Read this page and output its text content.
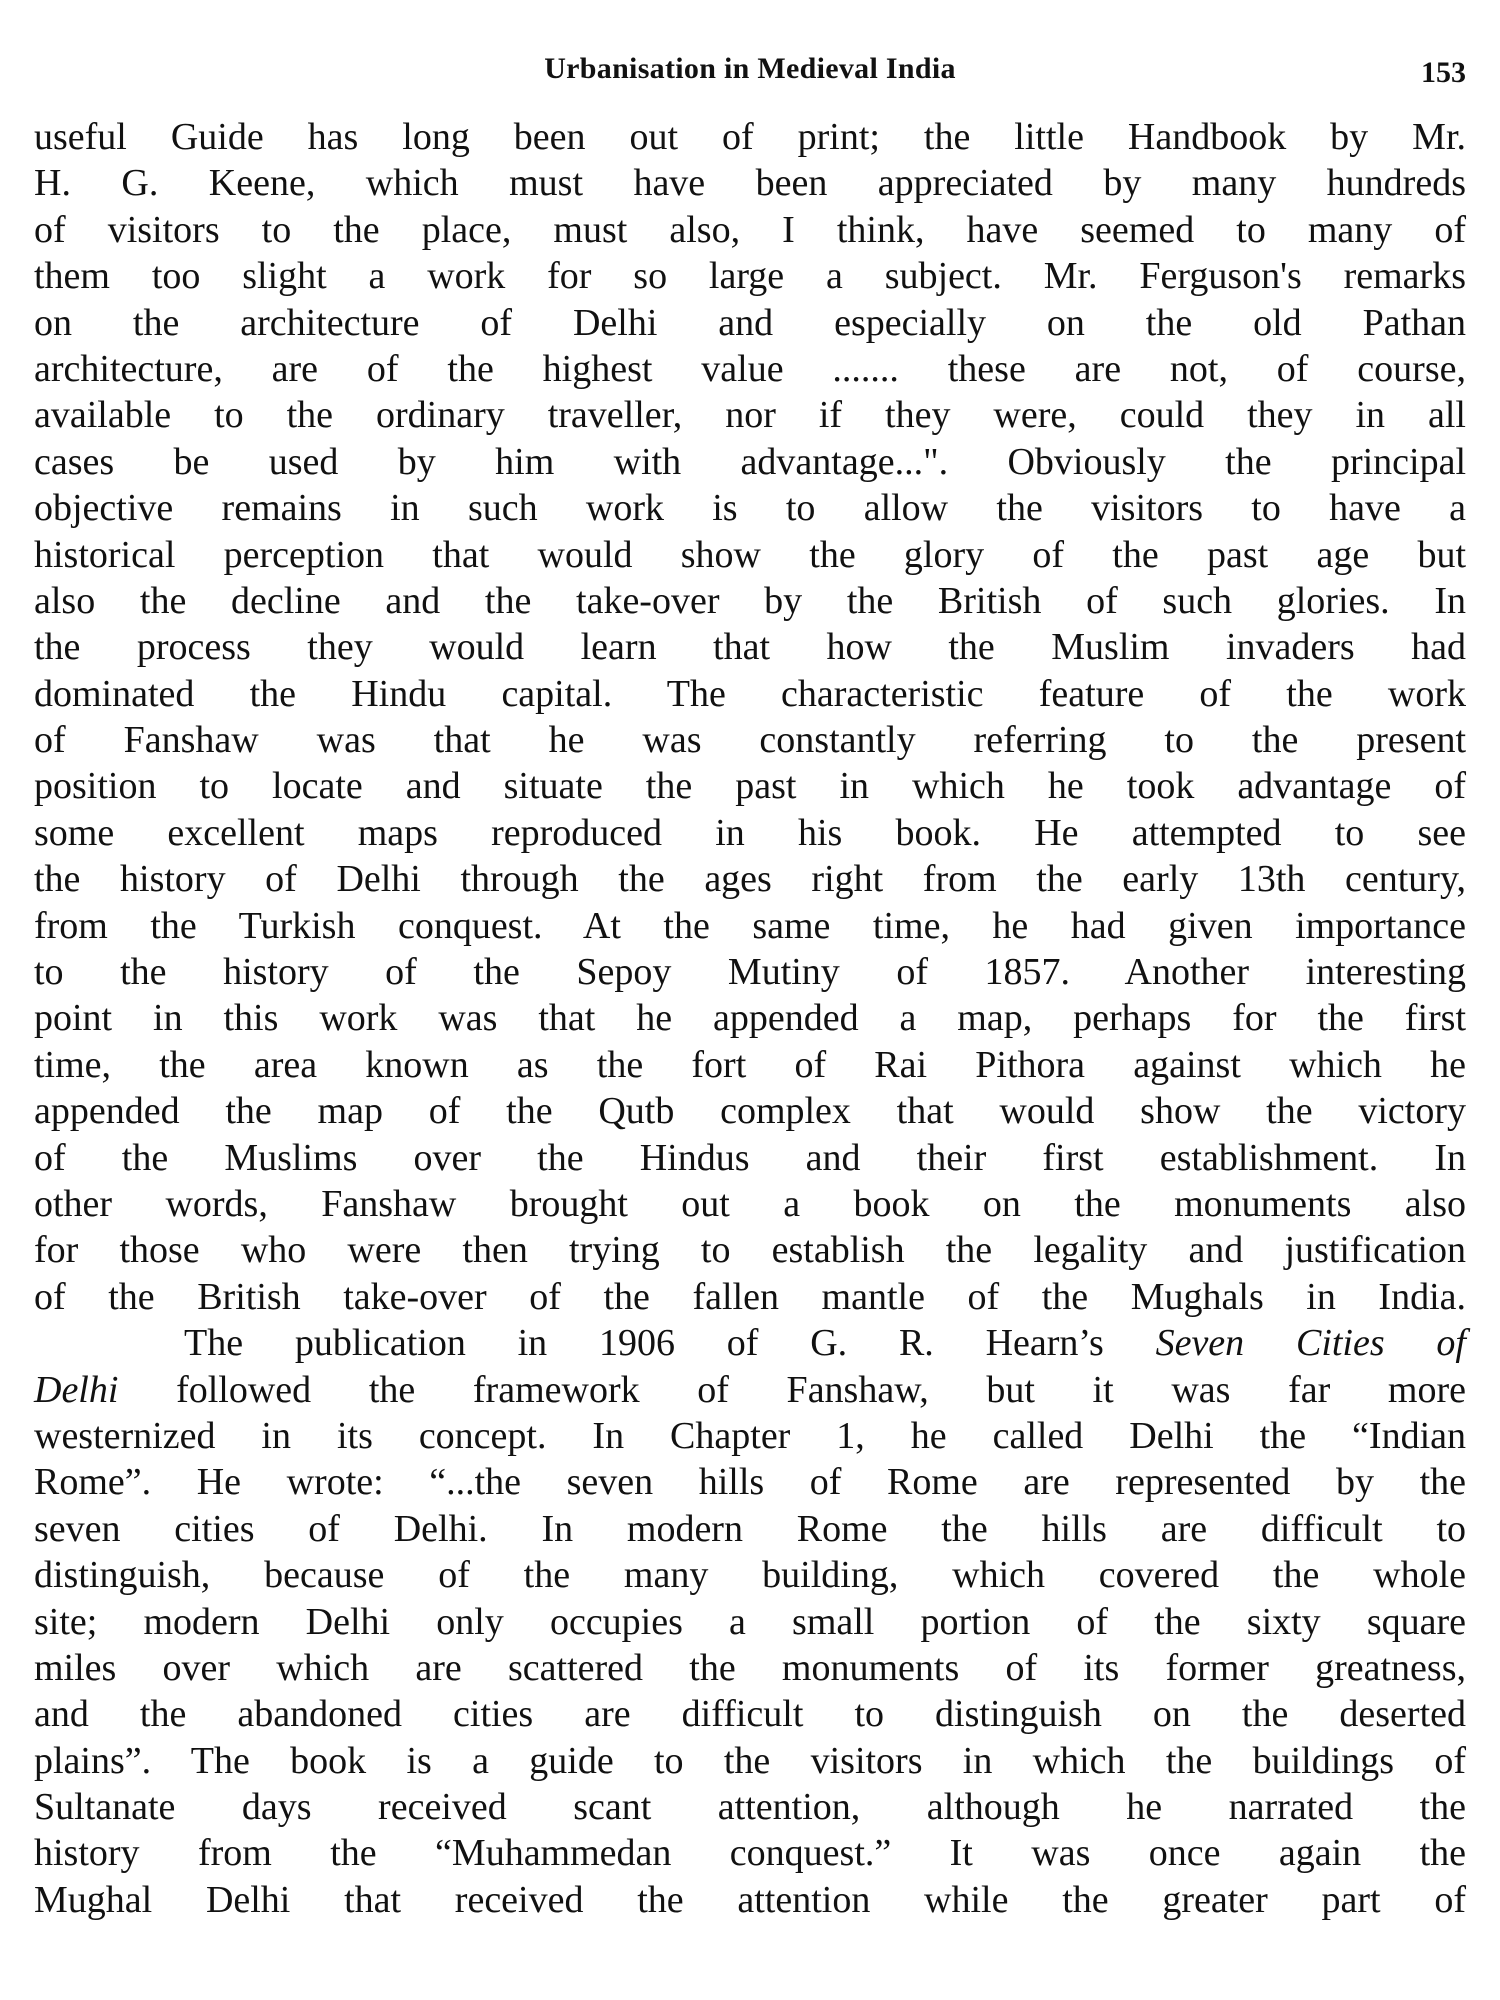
Urbanisation in Medieval India	153
useful Guide has long been out of print; the little Handbook by Mr.
H. G. Keene, which must have been appreciated by many hundreds
of visitors to the place, must also, I think, have seemed to many of
them too slight a work for so large a subject. Mr. Ferguson's remarks
on the architecture of Delhi and especially on the old Pathan
architecture, are of the highest value ....... these are not, of course,
available to the ordinary traveller, nor if they were, could they in all
cases be used by him with advantage...". Obviously the principal
objective remains in such work is to allow the visitors to have a
historical perception that would show the glory of the past age but
also the decline and the take-over by the British of such glories. In
the process they would learn that how the Muslim invaders had
dominated the Hindu capital. The characteristic feature of the work
of Fanshaw was that he was constantly referring to the present
position to locate and situate the past in which he took advantage of
some excellent maps reproduced in his book. He attempted to see
the history of Delhi through the ages right from the early 13th century,
from the Turkish conquest. At the same time, he had given importance
to the history of the Sepoy Mutiny of 1857. Another interesting
point in this work was that he appended a map, perhaps for the first
time, the area known as the fort of Rai Pithora against which he
appended the map of the Qutb complex that would show the victory
of the Muslims over the Hindus and their first establishment. In
other words, Fanshaw brought out a book on the monuments also
for those who were then trying to establish the legality and justification
of the British take-over of the fallen mantle of the Mughals in India.
The publication in 1906 of G. R. Hearn’s Seven Cities of
Delhi followed the framework of Fanshaw, but it was far more
westernized in its concept. In Chapter 1, he called Delhi the “Indian
Rome”. He wrote: “...the seven hills of Rome are represented by the
seven cities of Delhi. In modern Rome the hills are difficult to
distinguish, because of the many building, which covered the whole
site; modern Delhi only occupies a small portion of the sixty square
miles over which are scattered the monuments of its former greatness,
and the abandoned cities are difficult to distinguish on the deserted
plains”. The book is a guide to the visitors in which the buildings of
Sultanate days received scant attention, although he narrated the
history from the “Muhammedan conquest.” It was once again the
Mughal Delhi that received the attention while the greater part of
